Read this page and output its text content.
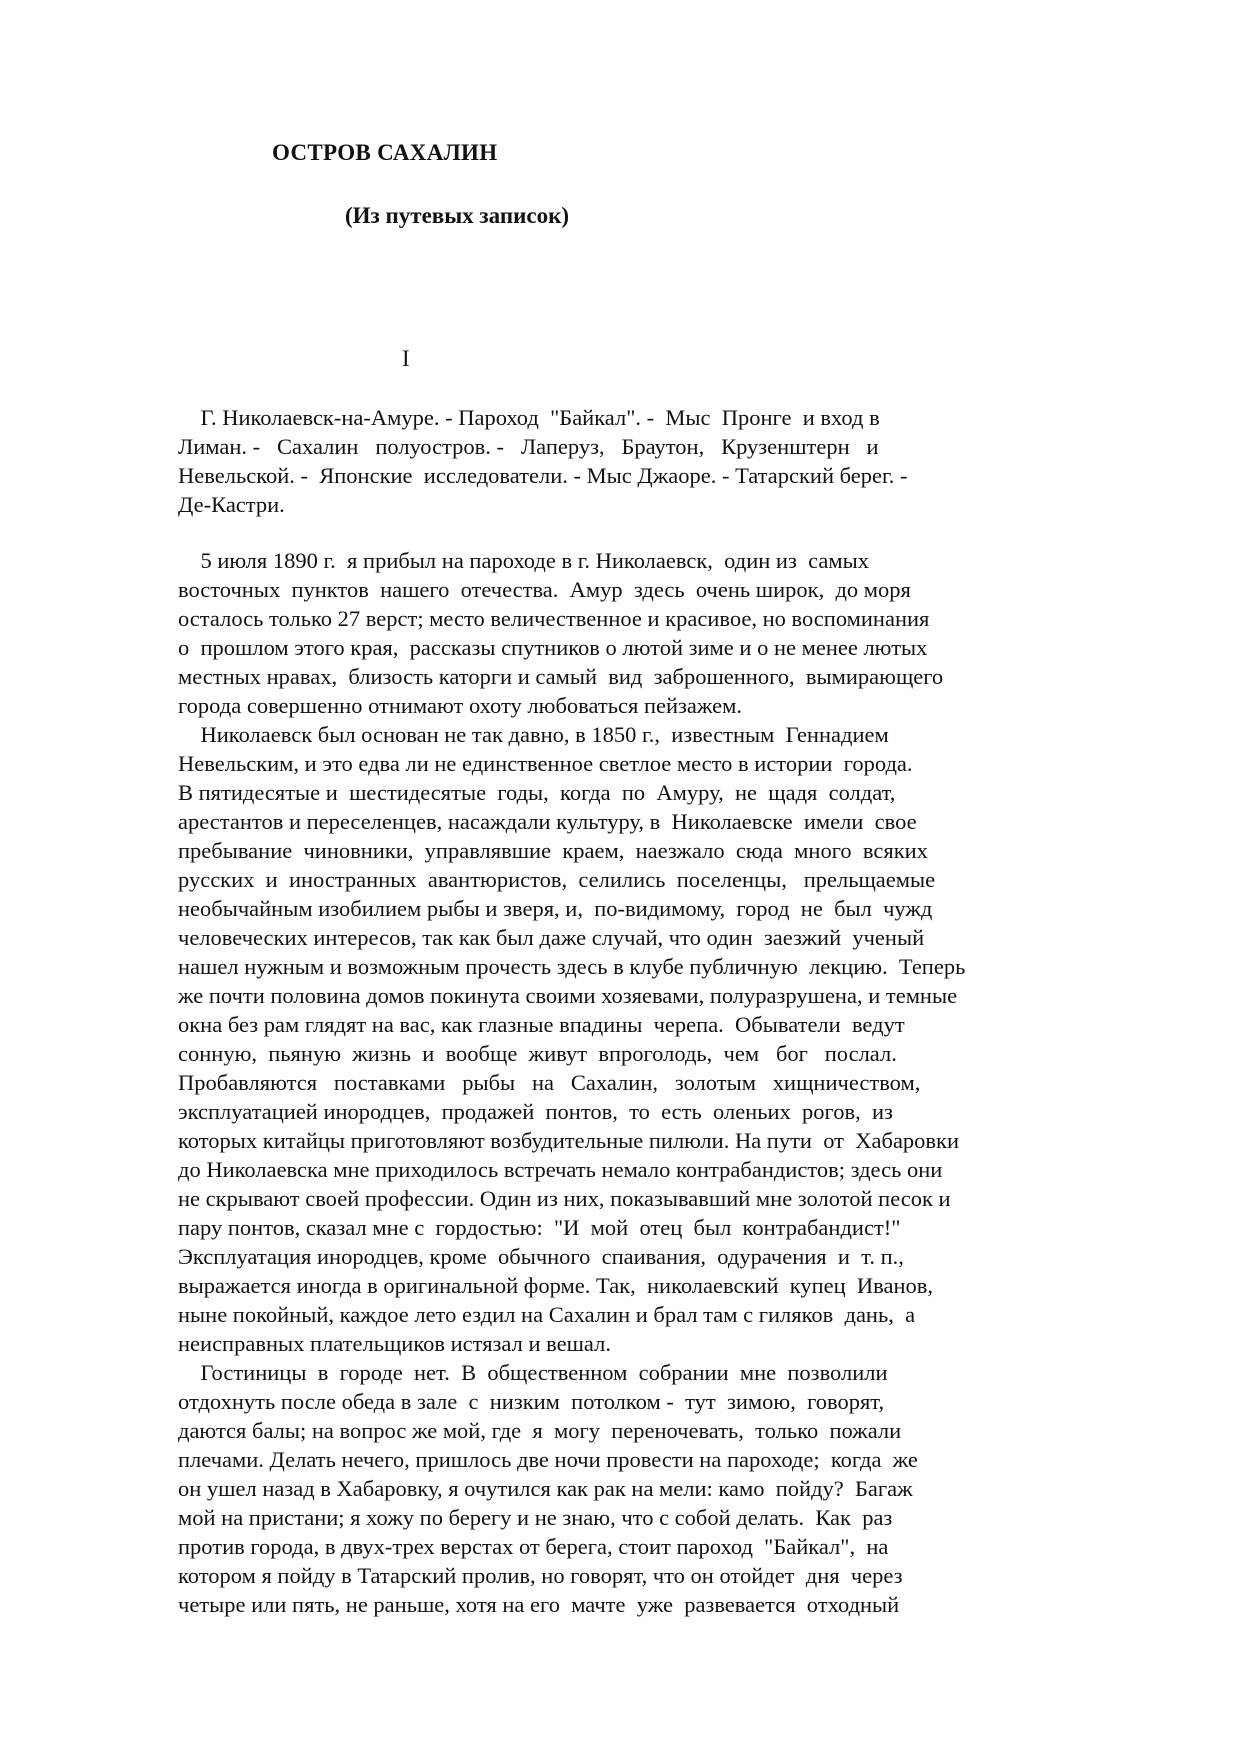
ОСТРОВ САХАЛИН
(Из путевых записок)
I
Г. Николаевск-на-Амуре. - Пароход  "Байкал". -  Мыс  Пронге  и вход в
Лиман. -   Сахалин   полуостров. -   Лаперуз,   Браутон,   Крузенштерн   и
Невельской. -  Японские  исследователи. - Мыс Джаоре. - Татарский берег. -
Де-Кастри.
5 июля 1890 г.  я прибыл на пароходе в г. Николаевск,  один из  самых
восточных  пунктов  нашего  отечества.  Амур  здесь  очень широк,  до моря
осталось только 27 верст; место величественное и красивое, но воспоминания
о  прошлом этого края,  рассказы спутников о лютой зиме и о не менее лютых
местных нравах,  близость каторги и самый  вид  заброшенного,  вымирающего
города совершенно отнимают охоту любоваться пейзажем.
Николаевск был основан не так давно, в 1850 г.,  известным  Геннадием
Невельским, и это едва ли не единственное светлое место в истории  города.
В пятидесятые и  шестидесятые  годы,  когда  по  Амуру,  не  щадя  солдат,
арестантов и переселенцев, насаждали культуру, в  Николаевске  имели  свое
пребывание  чиновники,  управлявшие  краем,  наезжало  сюда  много  всяких
русских  и  иностранных  авантюристов,  селились  поселенцы,   прельщаемые
необычайным изобилием рыбы и зверя, и,  по-видимому,  город  не  был  чужд
человеческих интересов, так как был даже случай, что один  заезжий  ученый
нашел нужным и возможным прочесть здесь в клубе публичную  лекцию.  Теперь
же почти половина домов покинута своими хозяевами, полуразрушена, и темные
окна без рам глядят на вас, как глазные впадины  черепа.  Обыватели  ведут
сонную,  пьяную  жизнь  и  вообще  живут  впроголодь,  чем   бог   послал.
Пробавляются   поставками   рыбы   на   Сахалин,   золотым   хищничеством,
эксплуатацией инородцев,  продажей  понтов,  то  есть  оленьих  рогов,  из
которых китайцы приготовляют возбудительные пилюли. На пути  от  Хабаровки
до Николаевска мне приходилось встречать немало контрабандистов; здесь они
не скрывают своей профессии. Один из них, показывавший мне золотой песок и
пару понтов, сказал мне с  гордостью:  "И  мой  отец  был  контрабандист!"
Эксплуатация инородцев, кроме  обычного  спаивания,  одурачения  и  т. п.,
выражается иногда в оригинальной форме. Так,  николаевский  купец  Иванов,
ныне покойный, каждое лето ездил на Сахалин и брал там с гиляков  дань,  а
неисправных плательщиков истязал и вешал.
Гостиницы  в  городе  нет.  В  общественном  собрании  мне  позволили
отдохнуть после обеда в зале  с  низким  потолком -  тут  зимою,  говорят,
даются балы; на вопрос же мой, где  я  могу  переночевать,  только  пожали
плечами. Делать нечего, пришлось две ночи провести на пароходе;  когда  же
он ушел назад в Хабаровку, я очутился как рак на мели: камо  пойду?  Багаж
мой на пристани; я хожу по берегу и не знаю, что с собой делать.  Как  раз
против города, в двух-трех верстах от берега, стоит пароход  "Байкал",  на
котором я пойду в Татарский пролив, но говорят, что он отойдет  дня  через
четыре или пять, не раньше, хотя на его  мачте  уже  развевается  отходный
